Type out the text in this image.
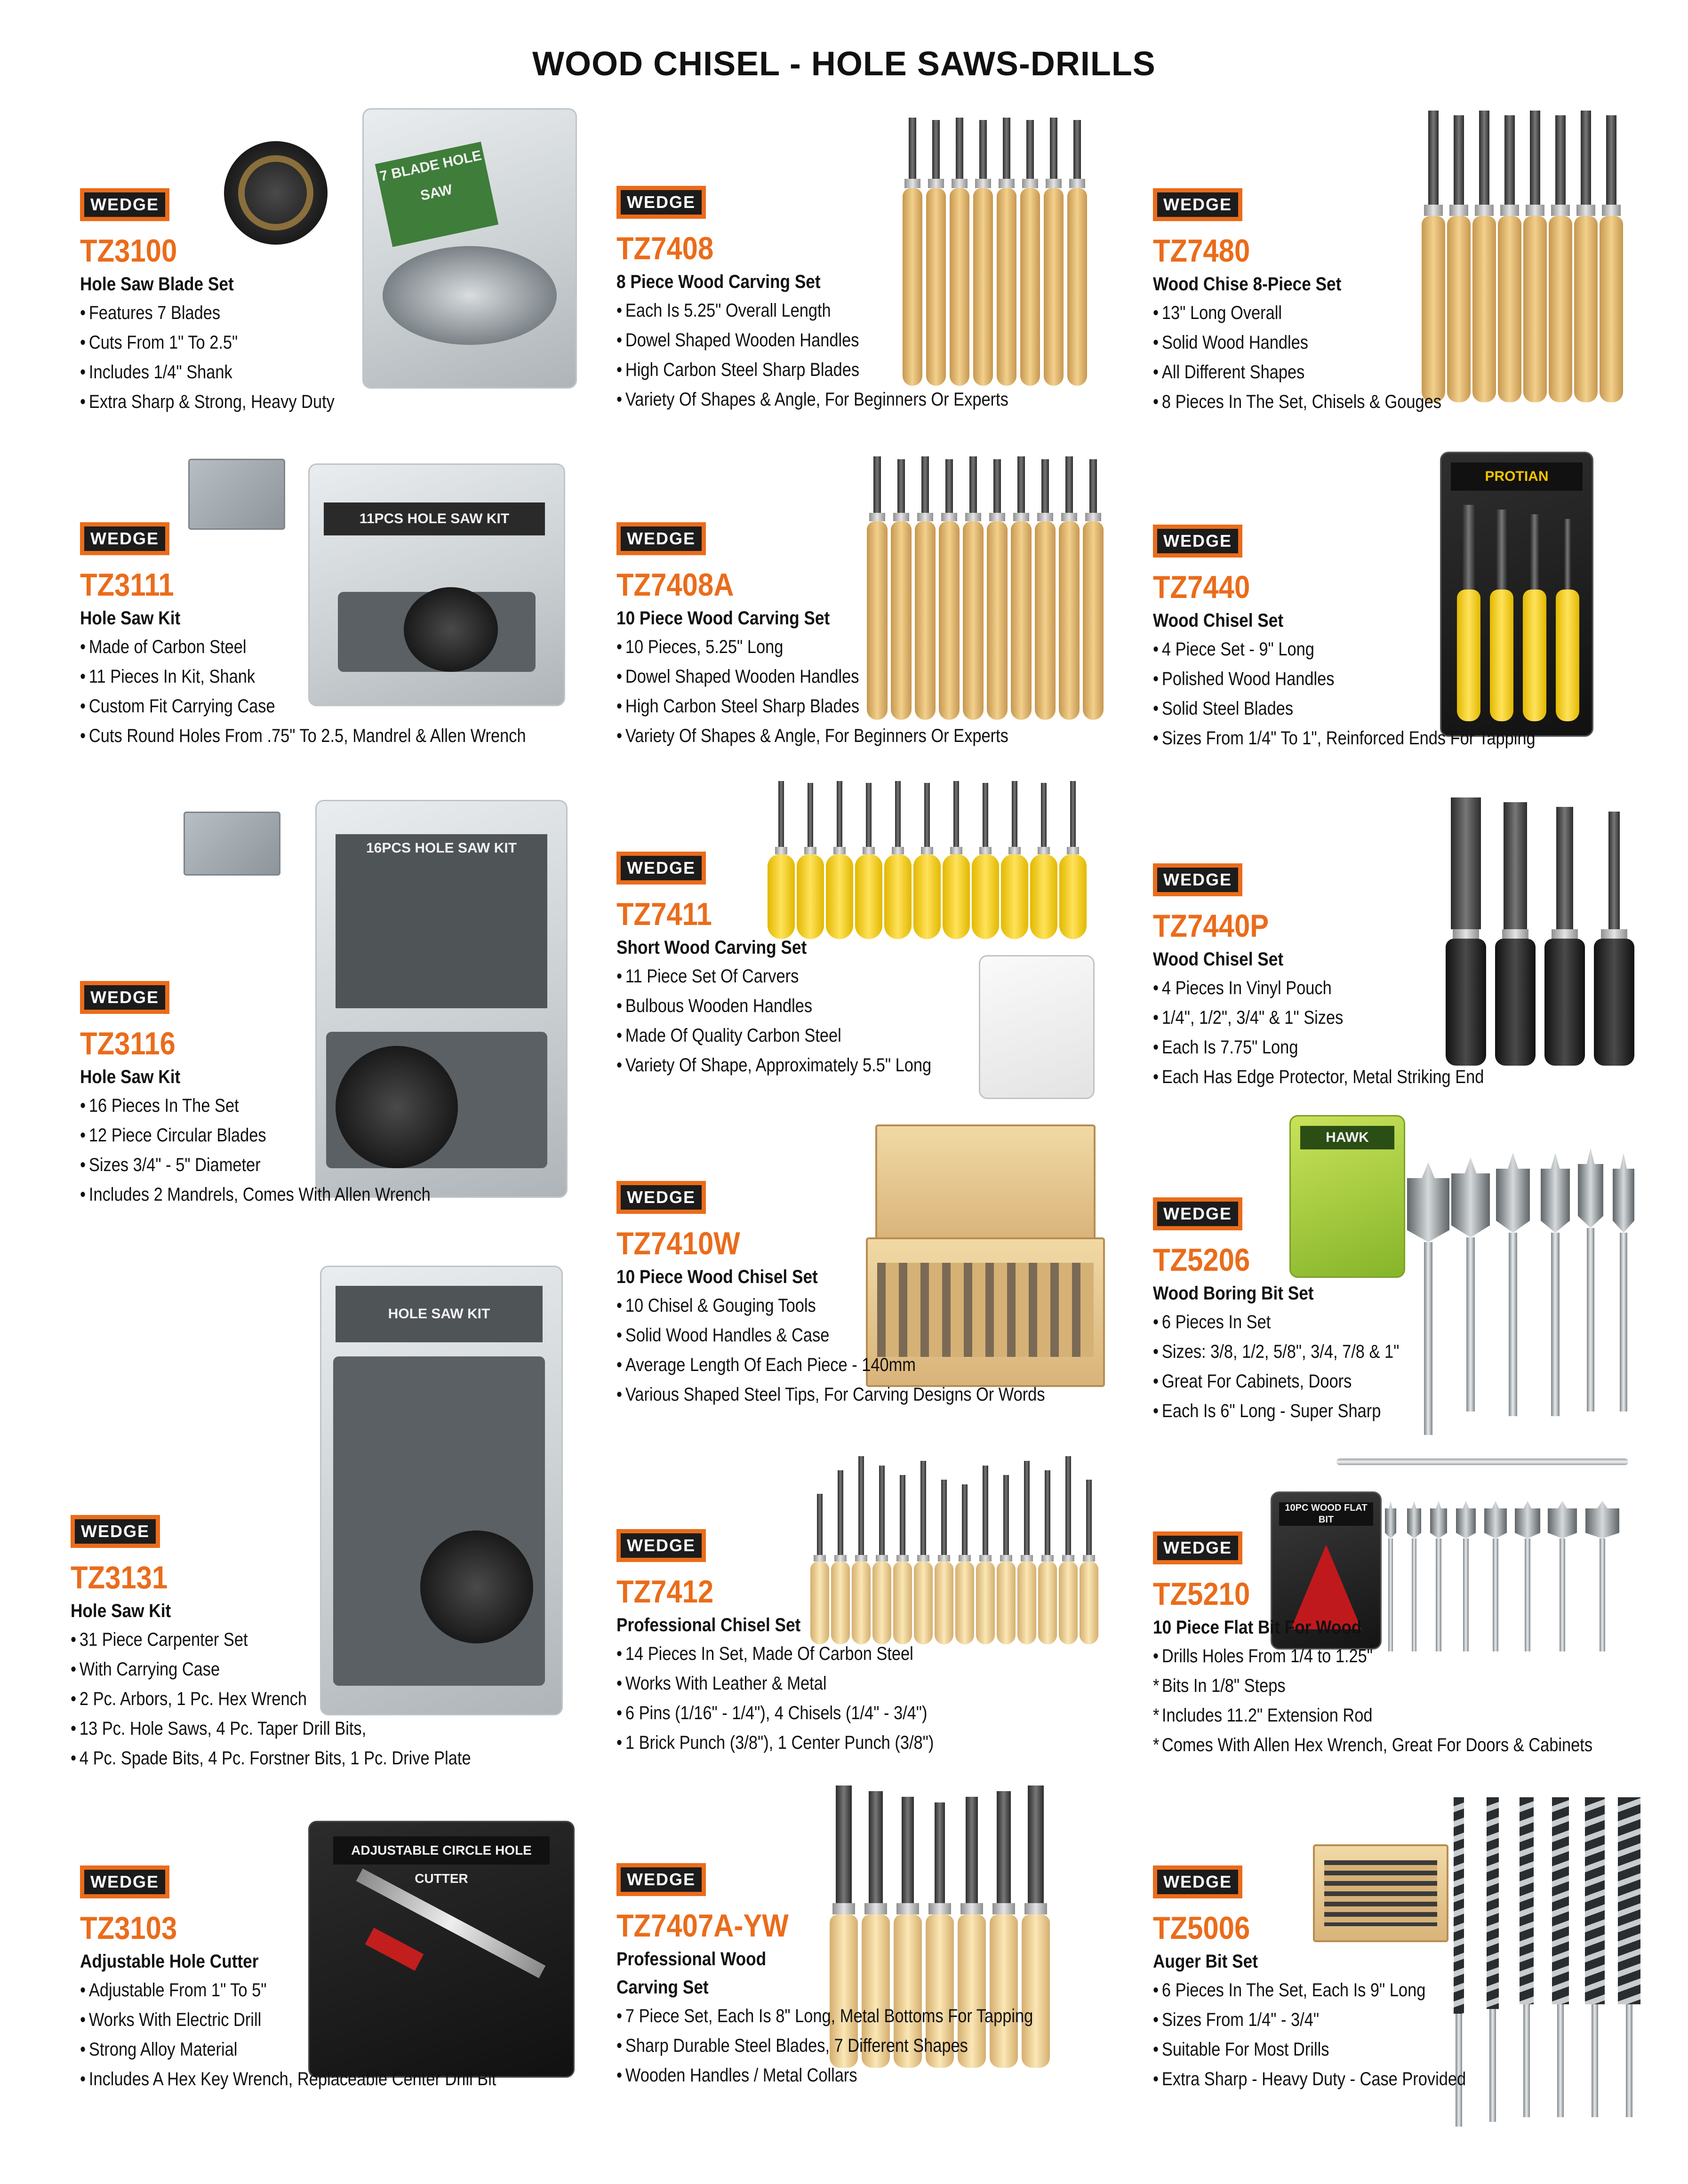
WOOD CHISEL - HOLE SAWS-DRILLS
7 BLADE HOLE SAW
WEDGE
TZ3100
Hole Saw Blade Set
• Features 7 Blades
• Cuts From 1" To 2.5"
• Includes 1/4" Shank
• Extra Sharp & Strong, Heavy Duty
11PCS HOLE SAW KIT
WEDGE
TZ3111
Hole Saw Kit
• Made of Carbon Steel
• 11 Pieces In Kit, Shank
• Custom Fit Carrying Case
• Cuts Round Holes From .75" To 2.5, Mandrel & Allen Wrench
16PCS HOLE SAW KIT
WEDGE
TZ3116
Hole Saw Kit
• 16 Pieces In The Set
• 12 Piece Circular Blades
• Sizes 3/4" - 5" Diameter
• Includes 2 Mandrels, Comes With Allen Wrench
HOLE SAW KIT
WEDGE
TZ3131
Hole Saw Kit
• 31 Piece Carpenter Set
• With Carrying Case
• 2 Pc. Arbors, 1 Pc. Hex Wrench
• 13 Pc. Hole Saws, 4 Pc. Taper Drill Bits,
• 4 Pc. Spade Bits, 4 Pc. Forstner Bits, 1 Pc. Drive Plate
ADJUSTABLE CIRCLE HOLE CUTTER
WEDGE
TZ3103
Adjustable Hole Cutter
• Adjustable From 1" To 5"
• Works With Electric Drill
• Strong Alloy Material
• Includes A Hex Key Wrench, Replaceable Center Drill Bit
WEDGE
TZ7408
8 Piece Wood Carving Set
• Each Is 5.25" Overall Length
• Dowel Shaped Wooden Handles
• High Carbon Steel Sharp Blades
• Variety Of Shapes & Angle, For Beginners Or Experts
WEDGE
TZ7408A
10 Piece Wood Carving Set
• 10 Pieces, 5.25" Long
• Dowel Shaped Wooden Handles
• High Carbon Steel Sharp Blades
• Variety Of Shapes & Angle, For Beginners Or Experts
WEDGE
TZ7411
Short Wood Carving Set
• 11 Piece Set Of Carvers
• Bulbous Wooden Handles
• Made Of Quality Carbon Steel
• Variety Of Shape, Approximately 5.5" Long
WEDGE
TZ7410W
10 Piece Wood Chisel Set
• 10 Chisel & Gouging Tools
• Solid Wood Handles & Case
• Average Length Of Each Piece - 140mm
• Various Shaped Steel Tips, For Carving Designs Or Words
WEDGE
TZ7412
Professional Chisel Set
• 14 Pieces In Set, Made Of Carbon Steel
• Works With Leather & Metal
• 6 Pins (1/16" - 1/4"), 4 Chisels (1/4" - 3/4")
• 1 Brick Punch (3/8"), 1 Center Punch (3/8")
WEDGE
TZ7407A-YW
Professional Wood
Carving Set
• 7 Piece Set, Each Is 8" Long, Metal Bottoms For Tapping
• Sharp Durable Steel Blades, 7 Different Shapes
• Wooden Handles / Metal Collars
WEDGE
TZ7480
Wood Chise 8-Piece Set
• 13" Long Overall
• Solid Wood Handles
• All Different Shapes
• 8 Pieces In The Set, Chisels & Gouges
PROTIAN
WEDGE
TZ7440
Wood Chisel Set
• 4 Piece Set - 9" Long
• Polished Wood Handles
• Solid Steel Blades
• Sizes From 1/4" To 1", Reinforced Ends For Tapping
WEDGE
TZ7440P
Wood Chisel Set
• 4 Pieces In Vinyl Pouch
• 1/4", 1/2", 3/4" & 1" Sizes
• Each Is 7.75" Long
• Each Has Edge Protector, Metal Striking End
HAWK
WEDGE
TZ5206
Wood Boring Bit Set
• 6 Pieces In Set
• Sizes: 3/8, 1/2, 5/8", 3/4, 7/8 & 1"
• Great For Cabinets, Doors
• Each Is 6" Long - Super Sharp
10PC WOOD FLAT BIT
WEDGE
TZ5210
10 Piece Flat Bit For Wood
• Drills Holes From 1/4 to 1.25"
* Bits In 1/8" Steps
* Includes 11.2" Extension Rod
* Comes With Allen Hex Wrench, Great For Doors & Cabinets
WEDGE
TZ5006
Auger Bit Set
• 6 Pieces In The Set, Each Is 9" Long
• Sizes From 1/4" - 3/4"
• Suitable For Most Drills
• Extra Sharp - Heavy Duty - Case Provided
